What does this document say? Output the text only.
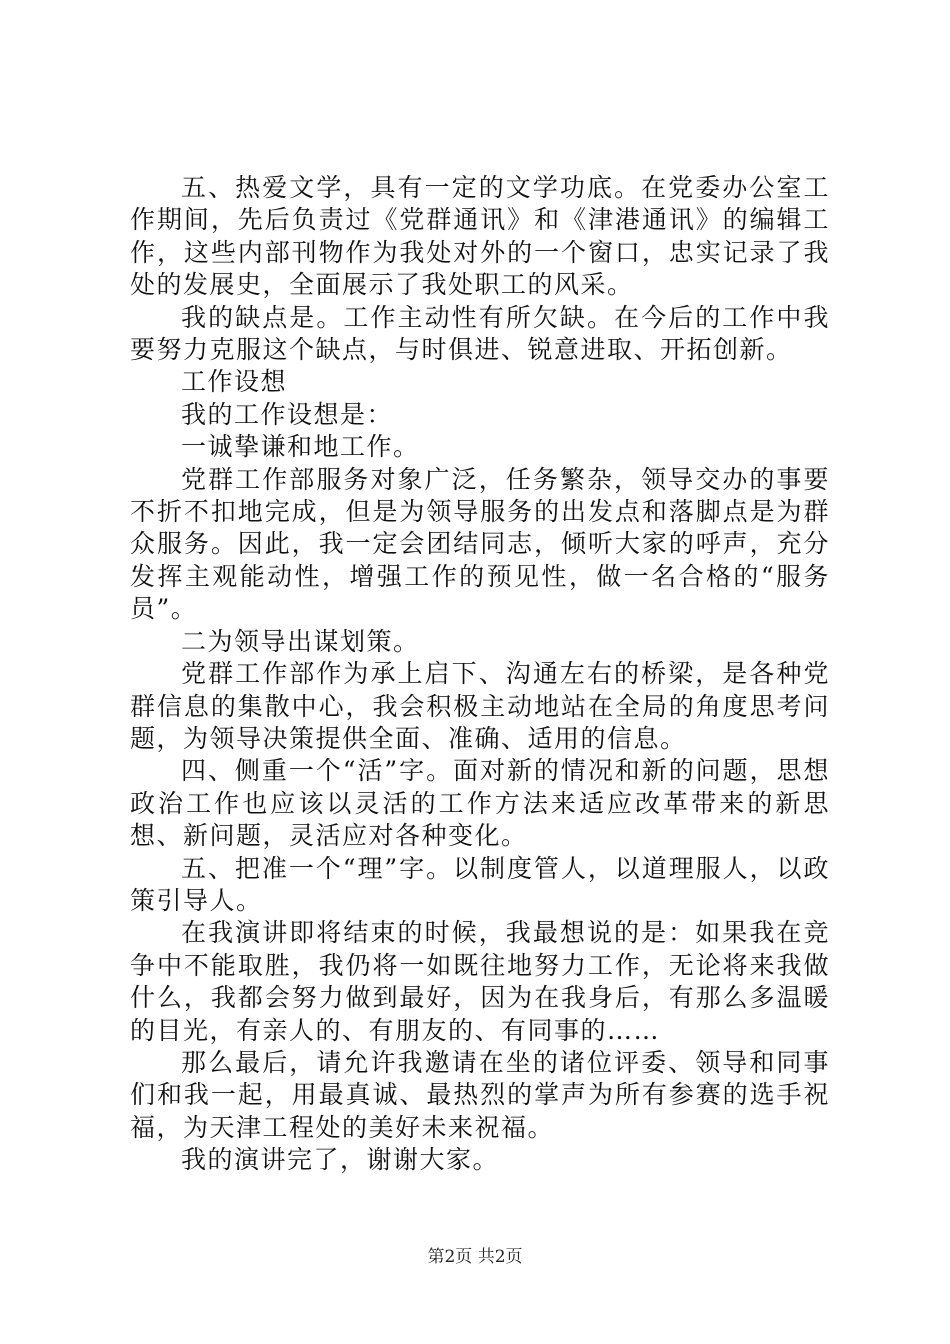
五、热爱文学，具有一定的文学功底。在党委办公室工作期间，先后负责过《党群通讯》和《津港通讯》的编辑工作，这些内部刊物作为我处对外的一个窗口，忠实记录了我处的发展史，全面展示了我处职工的风采。

我的缺点是。工作主动性有所欠缺。在今后的工作中我要努力克服这个缺点，与时俱进、锐意进取、开拓创新。

工作设想

我的工作设想是：

一诚挚谦和地工作。

党群工作部服务对象广泛，任务繁杂，领导交办的事要不折不扣地完成，但是为领导服务的出发点和落脚点是为群众服务。因此，我一定会团结同志，倾听大家的呼声，充分发挥主观能动性，增强工作的预见性，做一名合格的“服务员”。

二为领导出谋划策。

党群工作部作为承上启下、沟通左右的桥梁，是各种党群信息的集散中心，我会积极主动地站在全局的角度思考问题，为领导决策提供全面、准确、适用的信息。

四、侧重一个“活”字。面对新的情况和新的问题，思想政治工作也应该以灵活的工作方法来适应改革带来的新思想、新问题，灵活应对各种变化。

五、把准一个“理”字。以制度管人，以道理服人，以政策引导人。

在我演讲即将结束的时候，我最想说的是：如果我在竞争中不能取胜，我仍将一如既往地努力工作，无论将来我做什么，我都会努力做到最好，因为在我身后，有那么多温暖的目光，有亲人的、有朋友的、有同事的……

那么最后，请允许我邀请在坐的诸位评委、领导和同事们和我一起，用最真诚、最热烈的掌声为所有参赛的选手祝福，为天津工程处的美好未来祝福。

我的演讲完了，谢谢大家。

第2页 共2页
